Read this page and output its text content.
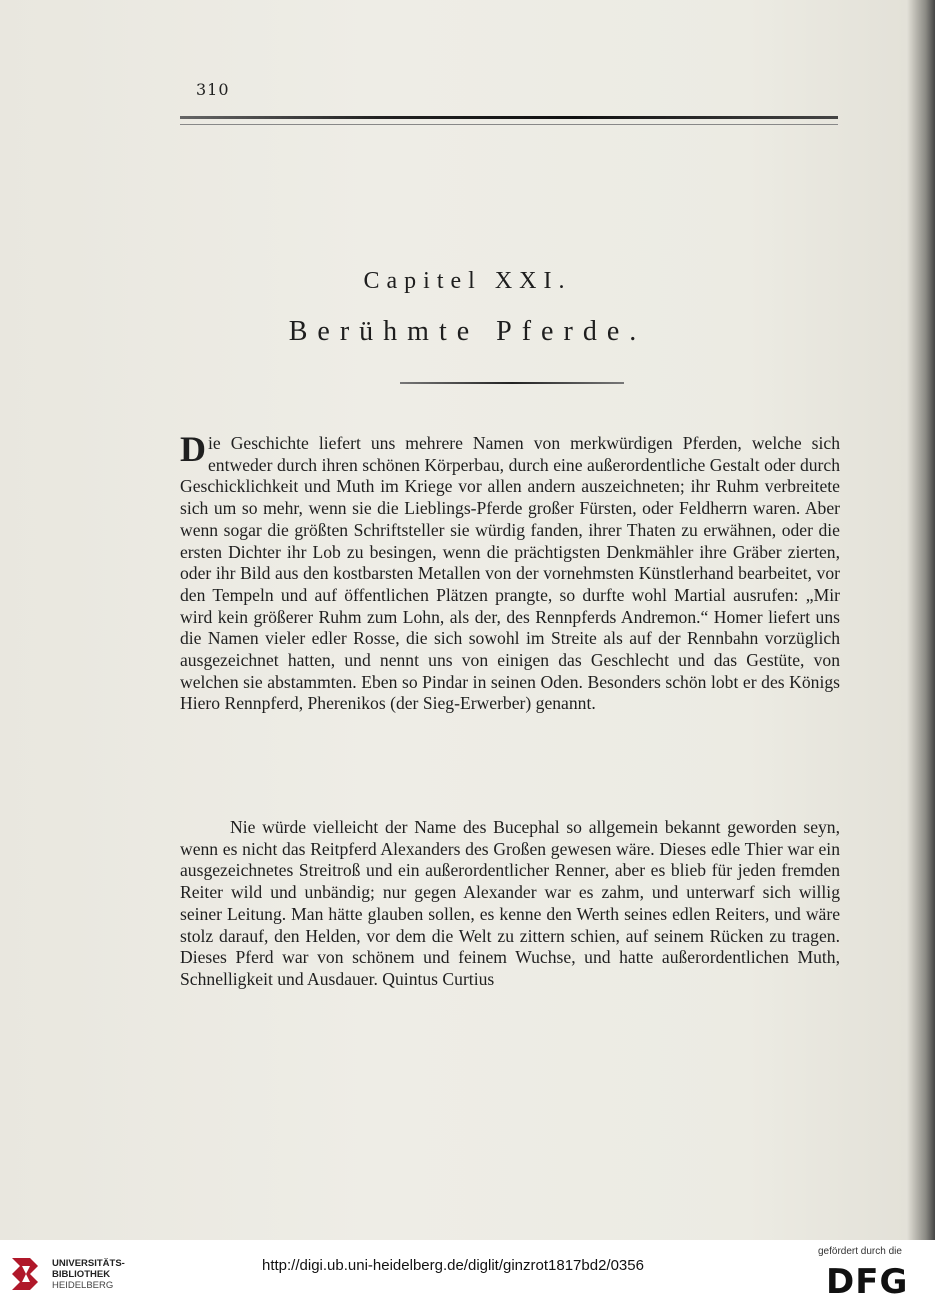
310
Capitel XXI.
Berühmte Pferde.

Die Geschichte liefert uns mehrere Namen von merkwürdigen Pferden, welche sich entweder durch ihren schönen Körperbau, durch eine außerordentliche Gestalt oder durch Geschicklichkeit und Muth im Kriege vor allen andern auszeichneten; ihr Ruhm verbreitete sich um so mehr, wenn sie die Lieblings-Pferde großer Fürsten, oder Feldherrn waren. Aber wenn sogar die größten Schriftsteller sie würdig fanden, ihrer Thaten zu erwähnen, oder die ersten Dichter ihr Lob zu besingen, wenn die prächtigsten Denkmähler ihre Gräber zierten, oder ihr Bild aus den kostbarsten Metallen von der vornehmsten Künstlerhand bearbeitet, vor den Tempeln und auf öffentlichen Plätzen prangte, so durfte wohl Martial ausrufen: „Mir wird kein größerer Ruhm zum Lohn, als der, des Rennpferds Andremon.“ Homer liefert uns die Namen vieler edler Rosse, die sich sowohl im Streite als auf der Rennbahn vorzüglich ausgezeichnet hatten, und nennt uns von einigen das Geschlecht und das Gestüte, von welchen sie abstammten. Eben so Pindar in seinen Oden. Besonders schön lobt er des Königs Hiero Rennpferd, Pherenikos (der Sieg-Erwerber) genannt.

Nie würde vielleicht der Name des Bucephal so allgemein bekannt geworden seyn, wenn es nicht das Reitpferd Alexanders des Großen gewesen wäre. Dieses edle Thier war ein ausgezeichnetes Streitroß und ein außerordentlicher Renner, aber es blieb für jeden fremden Reiter wild und unbändig; nur gegen Alexander war es zahm, und unterwarf sich willig seiner Leitung. Man hätte glauben sollen, es kenne den Werth seines edlen Reiters, und wäre stolz darauf, den Helden, vor dem die Welt zu zittern schien, auf seinem Rücken zu tragen. Dieses Pferd war von schönem und feinem Wuchse, und hatte außerordentlichen Muth, Schnelligkeit und Ausdauer. Quintus Curtius

UNIVERSITÄTS-
BIBLIOTHEK
HEIDELBERG
http://digi.ub.uni-heidelberg.de/diglit/ginzrot1817bd2/0356
gefördert durch die
DFG
